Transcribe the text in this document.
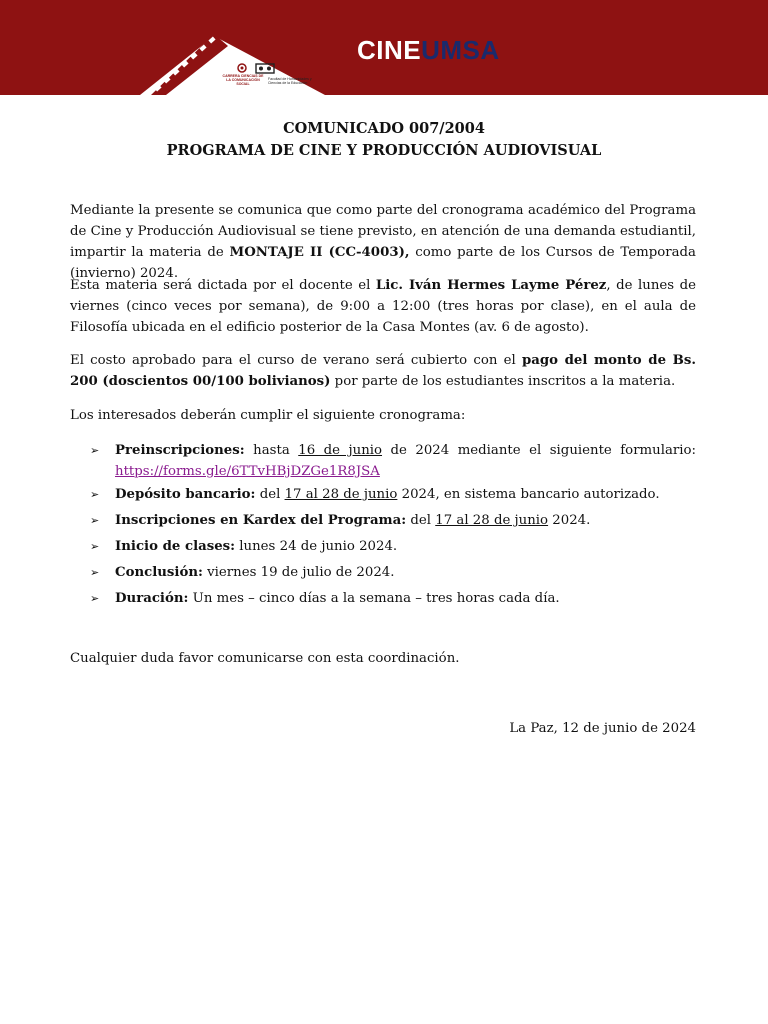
CARRERA CIENCIAS DE LA COMUNICACIÓN SOCIAL
Facultad de Humanidades y Ciencias de la Educación
CINEUMSA
COMUNICADO 007/2004
PROGRAMA DE CINE Y PRODUCCIÓN AUDIOVISUAL
Mediante la presente se comunica que como parte del cronograma académico del Programa de Cine y Producción Audiovisual se tiene previsto, en atención de una demanda estudiantil, impartir la materia de MONTAJE II (CC-4003), como parte de los Cursos de Temporada (invierno) 2024.
Esta materia será dictada por el docente el Lic. Iván Hermes Layme Pérez, de lunes de viernes (cinco veces por semana), de 9:00 a 12:00 (tres horas por clase), en el aula de Filosofía ubicada en el edificio posterior de la Casa Montes (av. 6 de agosto).
El costo aprobado para el curso de verano será cubierto con el pago del monto de Bs. 200 (doscientos 00/100 bolivianos) por parte de los estudiantes inscritos a la materia.
Los interesados deberán cumplir el siguiente cronograma:
➢ Preinscripciones: hasta 16 de junio de 2024 mediante el siguiente formulario: https://forms.gle/6TTvHBjDZGe1R8JSA
➢ Depósito bancario: del 17 al 28 de junio 2024, en sistema bancario autorizado.
➢ Inscripciones en Kardex del Programa: del 17 al 28 de junio 2024.
➢ Inicio de clases: lunes 24 de junio 2024.
➢ Conclusión: viernes 19 de julio de 2024.
➢ Duración: Un mes – cinco días a la semana – tres horas cada día.
Cualquier duda favor comunicarse con esta coordinación.
La Paz, 12 de junio de 2024
